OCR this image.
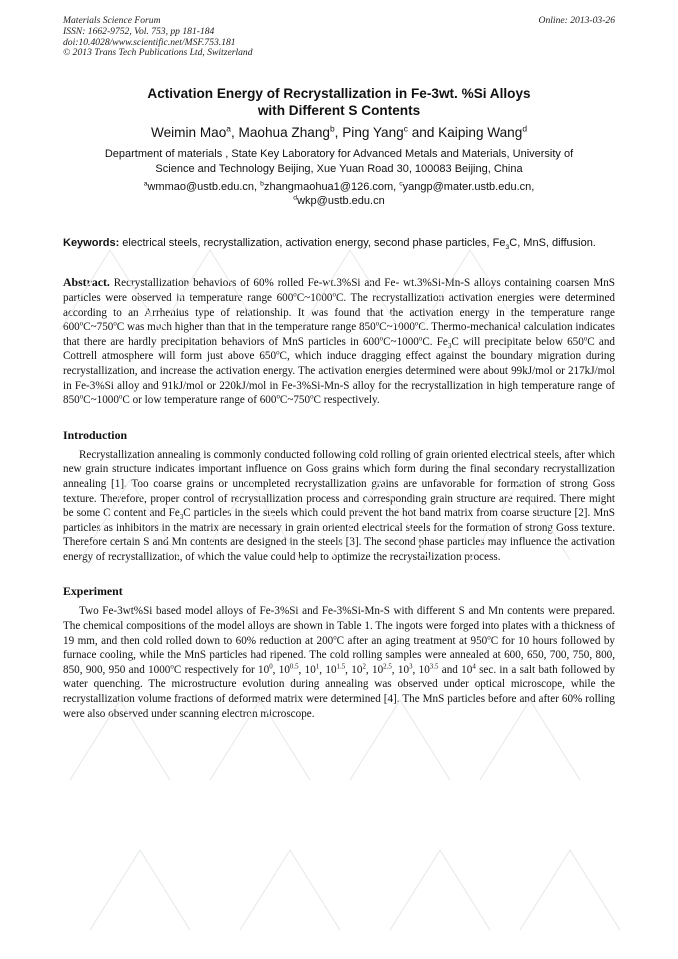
Materials Science Forum	Online: 2013-03-26
ISSN: 1662-9752, Vol. 753, pp 181-184
doi:10.4028/www.scientific.net/MSF.753.181
© 2013 Trans Tech Publications Ltd, Switzerland
Activation Energy of Recrystallization in Fe-3wt. %Si Alloys
with Different S Contents
Weimin Mao$^a$, Maohua Zhang$^b$, Ping Yang$^c$ and Kaiping Wang$^d$
Department of materials , State Key Laboratory for Advanced Metals and Materials, University of
Science and Technology Beijing, Xue Yuan Road 30, 100083 Beijing, China
$^a$wmmao@ustb.edu.cn, $^b$zhangmaohua1@126.com, $^c$yangp@mater.ustb.edu.cn,
$^d$wkp@ustb.edu.cn
Keywords: electrical steels, recrystallization, activation energy, second phase particles, $Fe_3C$, MnS, diffusion.
Abstract. Recrystallization behaviors of 60% rolled Fe-wt.3%Si and Fe- wt.3%Si-Mn-S alloys containing coarsen MnS particles were observed in temperature range 600$^o$C~1000$^o$C. The recrystallization activation energies were determined according to an Arrhenius type of relationship. It was found that the activation energy in the temperature range 600$^o$C~750$^o$C was much higher than that in the temperature range 850$^o$C~1000$^o$C. Thermo-mechanical calculation indicates that there are hardly precipitation behaviors of MnS particles in 600$^o$C~1000$^o$C. $Fe_3C$ will precipitate below 650$^o$C and Cottrell atmosphere will form just above 650$^o$C, which induce dragging effect against the boundary migration during recrystallization, and increase the activation energy. The activation energies determined were about 99kJ/mol or 217kJ/mol in Fe-3%Si alloy and 91kJ/mol or 220kJ/mol in Fe-3%Si-Mn-S alloy for the recrystallization in high temperature range of 850$^o$C~1000$^o$C or low temperature range of 600$^o$C~750$^o$C respectively.
Introduction
Recrystallization annealing is commonly conducted following cold rolling of grain oriented electrical steels, after which new grain structure indicates important influence on Goss grains which form during the final secondary recrystallization annealing [1]. Too coarse grains or uncompleted recrystallization grains are unfavorable for formation of strong Goss texture. Therefore, proper control of recrystallization process and corresponding grain structure are required. There might be some C content and $Fe_3C$ particles in the steels which could prevent the hot band matrix from coarse structure [2]. MnS particles as inhibitors in the matrix are necessary in grain oriented electrical steels for the formation of strong Goss texture. Therefore certain S and Mn contents are designed in the steels [3]. The second phase particles may influence the activation energy of recrystallization, of which the value could help to optimize the recrystallization process.
Experiment
Two Fe-3wt%Si based model alloys of Fe-3%Si and Fe-3%Si-Mn-S with different S and Mn contents were prepared. The chemical compositions of the model alloys are shown in Table 1. The ingots were forged into plates with a thickness of 19 mm, and then cold rolled down to 60% reduction at 200$^o$C after an aging treatment at 950$^o$C for 10 hours followed by furnace cooling, while the MnS particles had ripened. The cold rolling samples were annealed at 600, 650, 700, 750, 800, 850, 900, 950 and 1000$^o$C respectively for $10^0$, $10^{0.5}$, $10^1$, $10^{1.5}$, $10^2$, $10^{2.5}$, $10^3$, $10^{3.5}$ and $10^4$ sec. in a salt bath followed by water quenching. The microstructure evolution during annealing was observed under optical microscope, while the recrystallization volume fractions of deformed matrix were determined [4]. The MnS particles before and after 60% rolling were also observed under scanning electron microscope.
